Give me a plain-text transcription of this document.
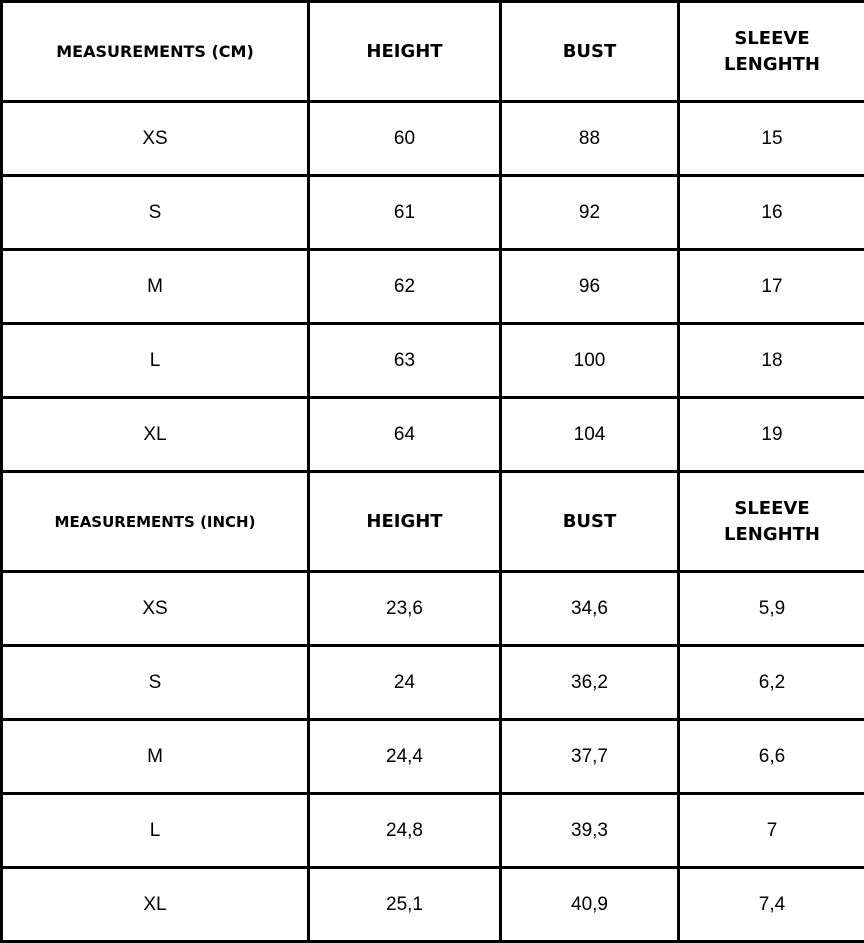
MEASUREMENTS (CM)	HEIGHT	BUST	SLEEVE LENGHTH
XS	60	88	15
S	61	92	16
M	62	96	17
L	63	100	18
XL	64	104	19
MEASUREMENTS (INCH)	HEIGHT	BUST	SLEEVE LENGHTH
XS	23,6	34,6	5,9
S	24	36,2	6,2
M	24,4	37,7	6,6
L	24,8	39,3	7
XL	25,1	40,9	7,4
